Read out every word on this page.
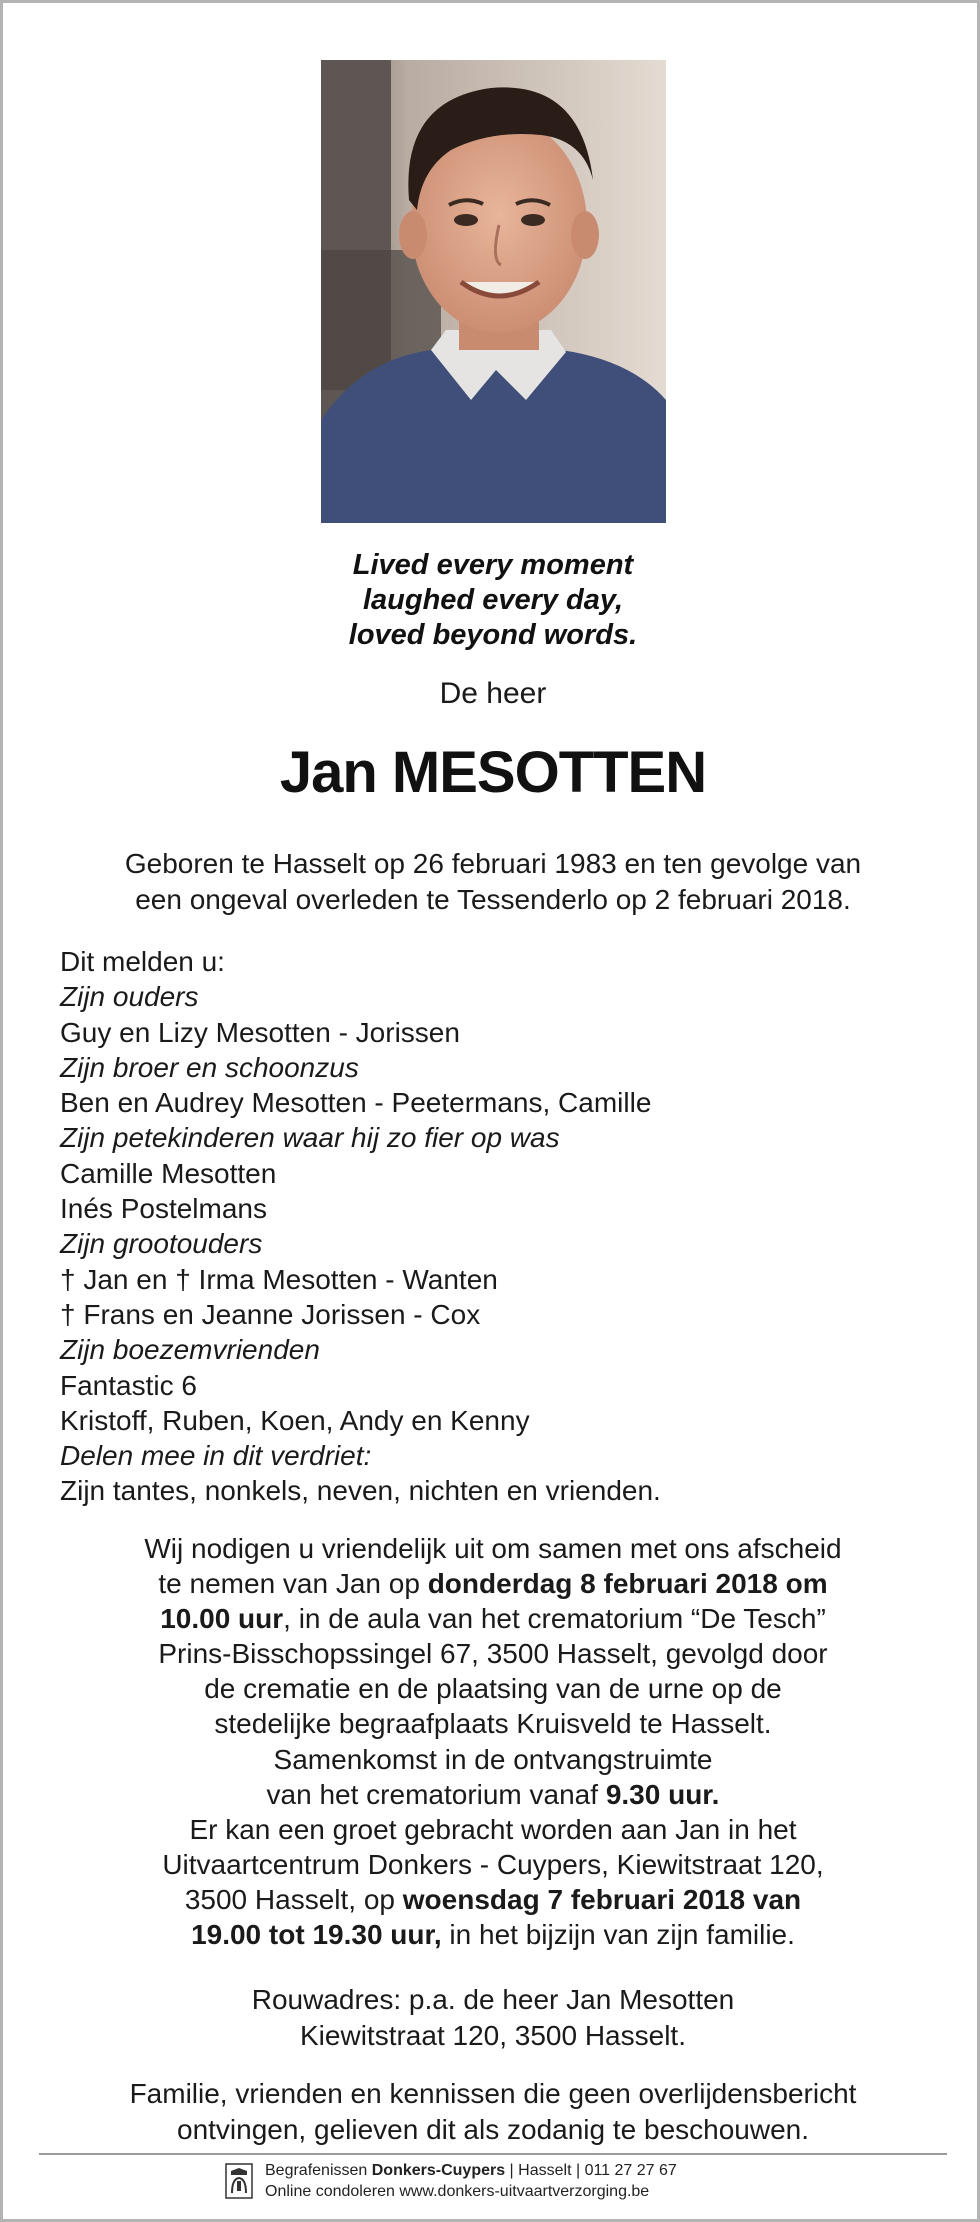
Lived every moment
laughed every day,
loved beyond words.
De heer
Jan MESOTTEN
Geboren te Hasselt op 26 februari 1983 en ten gevolge van
een ongeval overleden te Tessenderlo op 2 februari 2018.
Dit melden u:
Zijn ouders
Guy en Lizy Mesotten - Jorissen
Zijn broer en schoonzus
Ben en Audrey Mesotten - Peetermans, Camille
Zijn petekinderen waar hij zo fier op was
Camille Mesotten
Inés Postelmans
Zijn grootouders
† Jan en † Irma Mesotten - Wanten
† Frans en Jeanne Jorissen - Cox
Zijn boezemvrienden
Fantastic 6
Kristoff, Ruben, Koen, Andy en Kenny
Delen mee in dit verdriet:
Zijn tantes, nonkels, neven, nichten en vrienden.
Wij nodigen u vriendelijk uit om samen met ons afscheid
te nemen van Jan op donderdag 8 februari 2018 om
10.00 uur, in de aula van het crematorium “De Tesch”
Prins-Bisschopssingel 67, 3500 Hasselt, gevolgd door
de crematie en de plaatsing van de urne op de
stedelijke begraafplaats Kruisveld te Hasselt.
Samenkomst in de ontvangstruimte
van het crematorium vanaf 9.30 uur.
Er kan een groet gebracht worden aan Jan in het
Uitvaartcentrum Donkers - Cuypers, Kiewitstraat 120,
3500 Hasselt, op woensdag 7 februari 2018 van
19.00 tot 19.30 uur, in het bijzijn van zijn familie.
Rouwadres: p.a. de heer Jan Mesotten
Kiewitstraat 120, 3500 Hasselt.
Familie, vrienden en kennissen die geen overlijdensbericht
ontvingen, gelieven dit als zodanig te beschouwen.
Begrafenissen Donkers-Cuypers | Hasselt | 011 27 27 67
Online condoleren www.donkers-uitvaartverzorging.be
